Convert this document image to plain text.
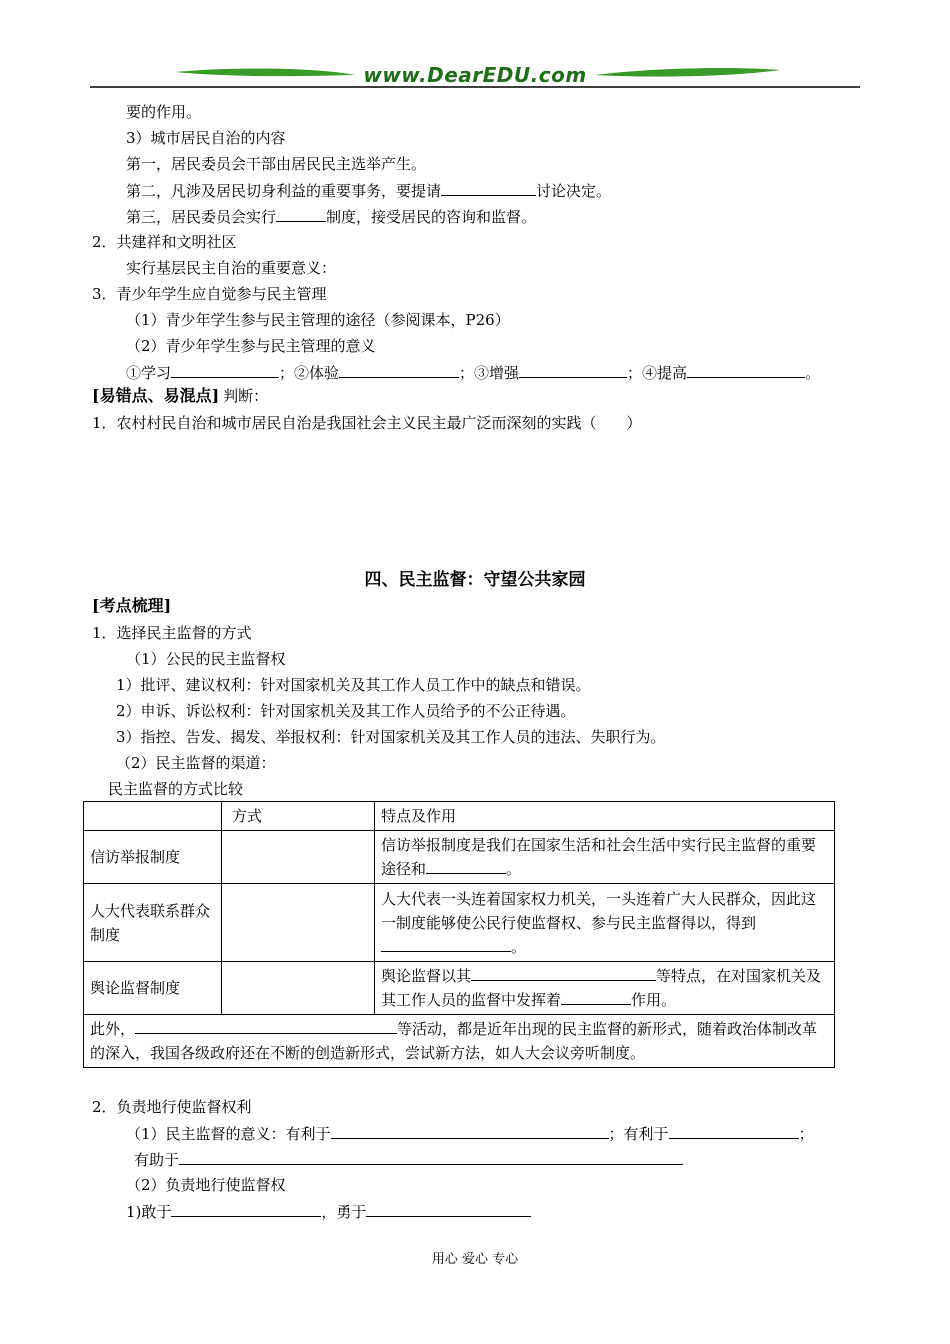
www.DearEDU.com
要的作用。
3）城市居民自治的内容
第一，居民委员会干部由居民民主选举产生。
第二，凡涉及居民切身利益的重要事务，要提请	讨论决定。
第三，居民委员会实行	制度，接受居民的咨询和监督。
2．共建祥和文明社区
实行基层民主自治的重要意义：
3．青少年学生应自觉参与民主管理
（1）青少年学生参与民主管理的途径（参阅课本，P26）
（2）青少年学生参与民主管理的意义
①学习	；②体验	；③增强	；④提高	。
[易错点、易混点] 判断：
1．农村村民自治和城市居民自治是我国社会主义民主最广泛而深刻的实践（　　）
四、民主监督：守望公共家园
[考点梳理]
1．选择民主监督的方式
（1）公民的民主监督权
1）批评、建议权利：针对国家机关及其工作人员工作中的缺点和错误。
2）申诉、诉讼权利：针对国家机关及其工作人员给予的不公正待遇。
3）指控、告发、揭发、举报权利：针对国家机关及其工作人员的违法、失职行为。
（2）民主监督的渠道：
民主监督的方式比较
	方式	特点及作用
信访举报制度		信访举报制度是我们在国家生活和社会生活中实行民主监督的重要途径和 。
人大代表联系群众制度		人大代表一头连着国家权力机关，一头连着广大人民群众，因此这一制度能够使公民行使监督权、参与民主监督得以，得到。
舆论监督制度		舆论监督以其 等特点，在对国家机关及其工作人员的监督中发挥着 作用。
此外， 等活动，都是近年出现的民主监督的新形式，随着政治体制改革的深入，我国各级政府还在不断的创造新形式，尝试新方法，如人大会议旁听制度。		
2．负责地行使监督权利
（1）民主监督的意义：有利于	；有利于	；
有助于
（2）负责地行使监督权
1)敢于	，勇于
用心 爱心 专心
